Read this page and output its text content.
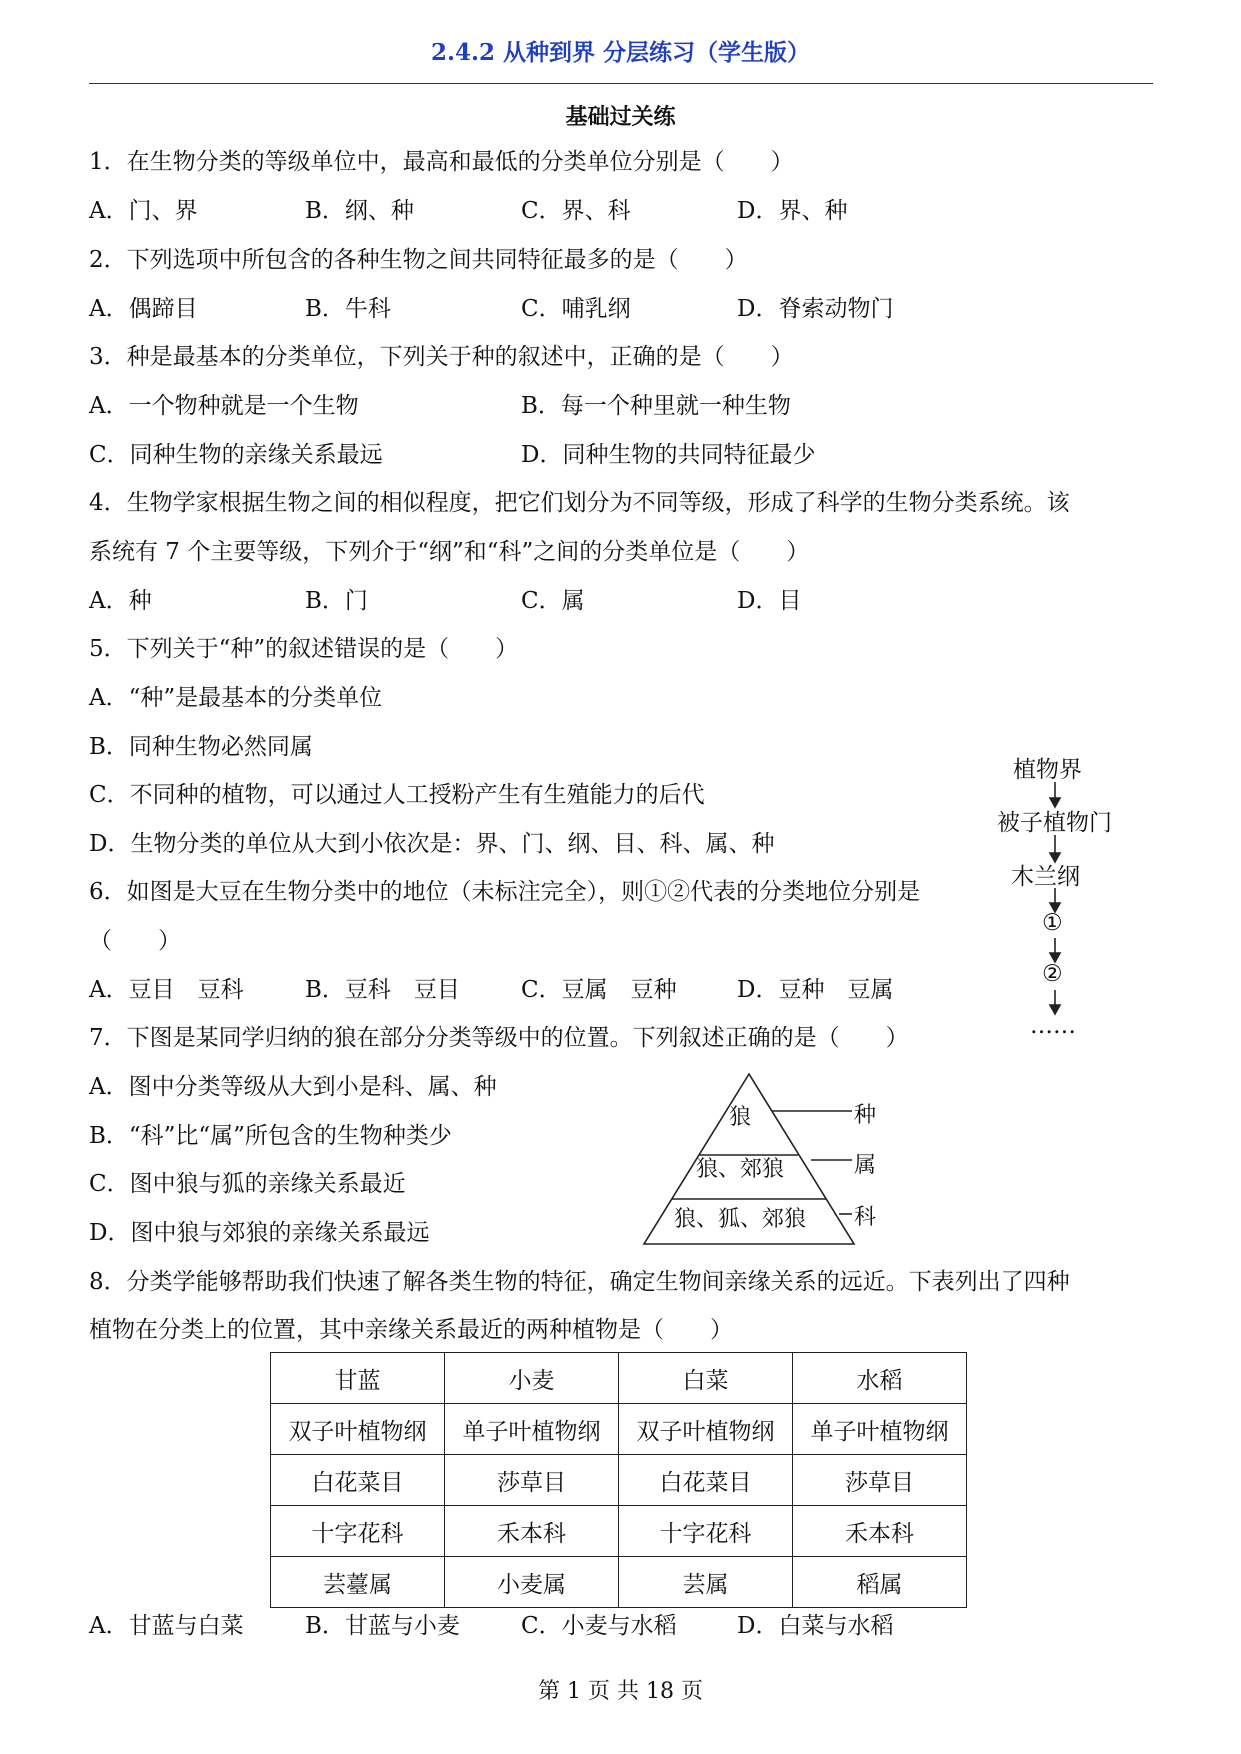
2.4.2 从种到界 分层练习（学生版）
基础过关练
1．在生物分类的等级单位中，最高和最低的分类单位分别是（　　）
A．门、界	B．纲、种	C．界、科	D．界、种
2．下列选项中所包含的各种生物之间共同特征最多的是（　　）
A．偶蹄目	B．牛科	C．哺乳纲	D．脊索动物门
3．种是最基本的分类单位，下列关于种的叙述中，正确的是（　　）
A．一个物种就是一个生物	B．每一个种里就一种生物
C．同种生物的亲缘关系最远	D．同种生物的共同特征最少
4．生物学家根据生物之间的相似程度，把它们划分为不同等级，形成了科学的生物分类系统。该
系统有 7 个主要等级，下列介于“纲”和“科”之间的分类单位是（　　）
A．种	B．门	C．属	D．目
5．下列关于“种”的叙述错误的是（　　）
A．“种”是最基本的分类单位
B．同种生物必然同属
C．不同种的植物，可以通过人工授粉产生有生殖能力的后代
D．生物分类的单位从大到小依次是：界、门、纲、目、科、属、种
6．如图是大豆在生物分类中的地位（未标注完全），则①②代表的分类地位分别是
（　　）
A．豆目　豆科	B．豆科　豆目	C．豆属　豆种	D．豆种　豆属
植物界
被子植物门
木兰纲
①
②
……
7．下图是某同学归纳的狼在部分分类等级中的位置。下列叙述正确的是（　　）
A．图中分类等级从大到小是科、属、种
B．“科”比“属”所包含的生物种类少
C．图中狼与狐的亲缘关系最近
D．图中狼与郊狼的亲缘关系最远
狼
狼、郊狼
狼、狐、郊狼
种
属
科
8．分类学能够帮助我们快速了解各类生物的特征，确定生物间亲缘关系的远近。下表列出了四种
植物在分类上的位置，其中亲缘关系最近的两种植物是（　　）
甘蓝	小麦	白菜	水稻
双子叶植物纲	单子叶植物纲	双子叶植物纲	单子叶植物纲
白花菜目	莎草目	白花菜目	莎草目
十字花科	禾本科	十字花科	禾本科
芸薹属	小麦属	芸属	稻属
A．甘蓝与白菜	B．甘蓝与小麦	C．小麦与水稻	D．白菜与水稻
第 1 页 共 18 页
